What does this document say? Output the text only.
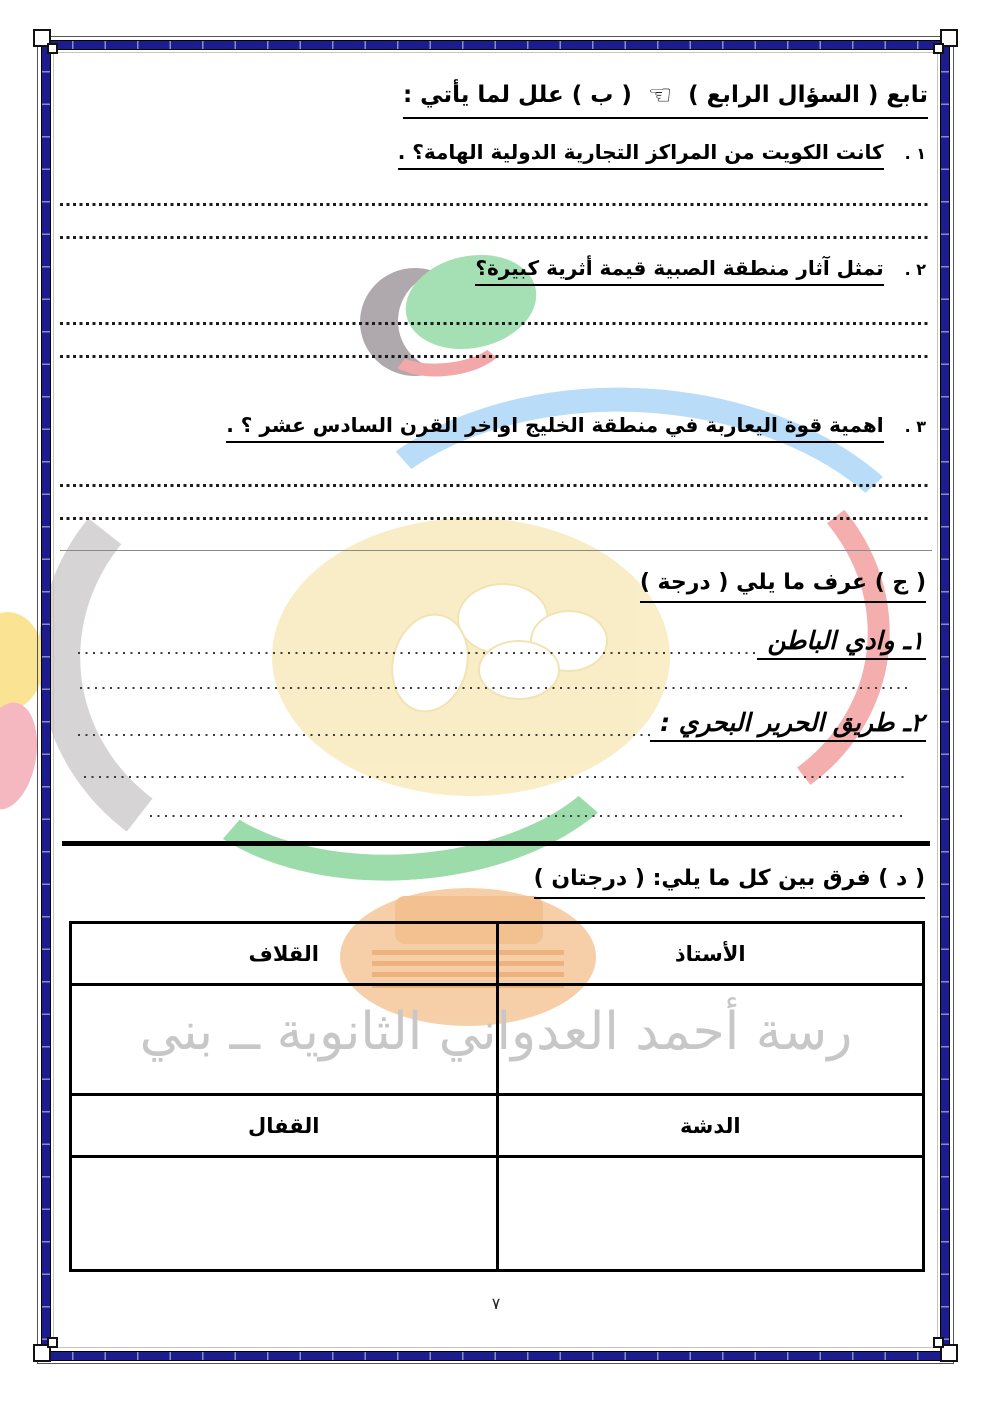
رسة أحمد العدواني الثانوية ــ بني
تابع ( السؤال الرابع )☜( ب ) علل لما يأتي :
١ . كانت الكويت من المراكز التجارية الدولية الهامة؟ .
٢ . تمثل آثار منطقة الصبية قيمة أثرية كبيرة؟
٣ . اهمية قوة اليعاربة في منطقة الخليج اواخر القرن السادس عشر ؟ .
( ج ) عرف ما يلي ( درجة )
١ـ وادي الباطن
٢ـ طريق الحرير البحري :
( د ) فرق بين كل ما يلي: ( درجتان )
الأستاذ	القلاف

الدشة	القفال

٧
